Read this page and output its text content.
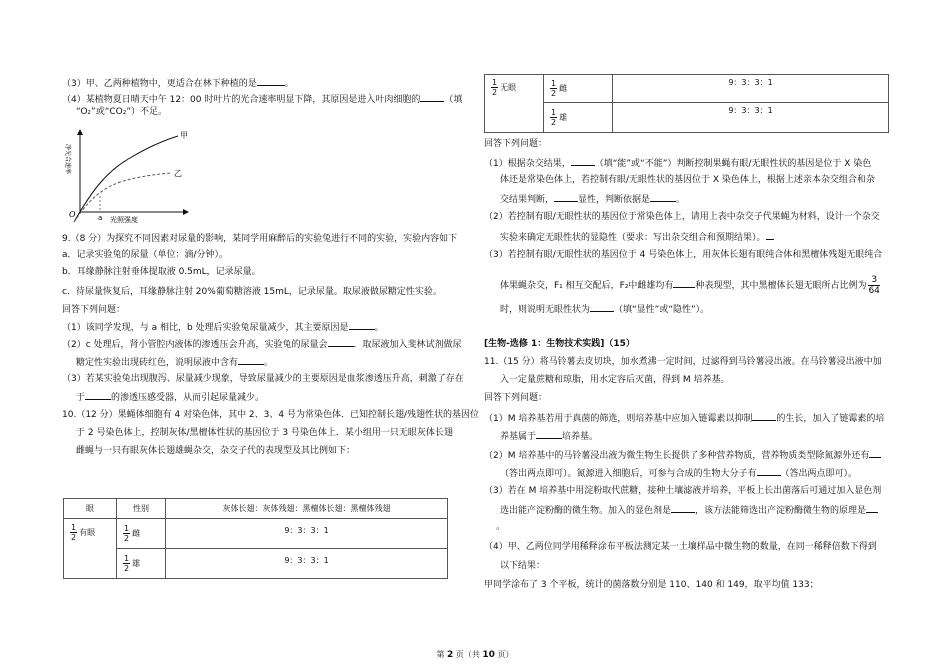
（3）甲、乙两种植物中，更适合在林下种植的是	。
（4）某植物夏日晴天中午 12：00 时叶片的光合速率明显下降，其原因是进入叶肉细胞的	（填
“O₂”或“CO₂”）不足。
甲
乙
O	a 光照强度
净光合速率
9.（8 分）为探究不同因素对尿量的影响，某同学用麻醉后的实验兔进行不同的实验，实验内容如下
a．记录实验兔的尿量（单位：滴/分钟）。
b．耳缘静脉注射垂体提取液 0.5mL，记录尿量。
c．待尿量恢复后，耳缘静脉注射 20%葡萄糖溶液 15mL，记录尿量。取尿液做尿糖定性实验。
回答下列问题：
（1）该同学发现，与 a 相比，b 处理后实验兔尿量减少，其主要原因是	。
（2）c 处理后，肾小管腔内液体的渗透压会升高，实验兔的尿量会	．取尿液加入斐林试剂做尿
糖定性实验出现砖红色，说明尿液中含有	。
（3）若某实验兔出现腹泻、尿量减少现象，导致尿量减少的主要原因是血浆渗透压升高，刺激了存在
于	的渗透压感受器，从而引起尿量减少。
10.（12 分）果蝇体细胞有 4 对染色体，其中 2、3、4 号为常染色体．已知控制长翅/残翅性状的基因位
于 2 号染色体上，控制灰体/黑檀体性状的基因位于 3 号染色体上．某小组用一只无眼灰体长翅
雌蝇与一只有眼灰体长翅雄蝇杂交，杂交子代的表现型及其比例如下：
眼	性别	灰体长翅：灰体残翅：黑檀体长翅：黑檀体残翅

$\frac{1}{2}$ 有眼	$\frac{1}{2}$ 雌	9：3：3：1

	$\frac{1}{2}$ 雄	9：3：3：1
$\frac{1}{2}$ 无眼	$\frac{1}{2}$ 雌	9：3：3：1

	$\frac{1}{2}$ 雄	9：3：3：1
回答下列问题：
（1）根据杂交结果，	（填“能”或“不能”）判断控制果蝇有眼/无眼性状的基因是位于 X 染色
体还是常染色体上，若控制有眼/无眼性状的基因位于 X 染色体上，根据上述亲本杂交组合和杂
交结果判断，	显性，判断依据是	。
（2）若控制有眼/无眼性状的基因位于常染色体上，请用上表中杂交子代果蝇为材料，设计一个杂交
实验来确定无眼性状的显隐性（要求：写出杂交组合和预期结果）。
（3）若控制有眼/无眼性状的基因位于 4 号染色体上，用灰体长翅有眼纯合体和黑檀体残翅无眼纯合
体果蝇杂交，F₁ 相互交配后，F₂中雌雄均有 种表现型，其中黑檀体长翅无眼所占比例为 $\frac{3}{64}$
时，则说明无眼性状为	（填“显性”或“隐性”）。
[生物-选修 1：生物技术实践]（15）
11.（15 分）将马铃薯去皮切块，加水煮沸一定时间，过滤得到马铃薯浸出液。在马铃薯浸出液中加
入一定量蔗糖和琼脂，用水定容后灭菌，得到 M 培养基。
回答下列问题：
（1）M 培养基若用于真菌的筛选，则培养基中应加入链霉素以抑制	的生长，加入了链霉素的培
养基属于	培养基。
（2）M 培养基中的马铃薯浸出液为微生物生长提供了多种营养物质，营养物质类型除氮源外还有
（答出两点即可）。氮源进入细胞后，可参与合成的生物大分子有	（答出两点即可）。
（3）若在 M 培养基中用淀粉取代蔗糖，接种土壤滤液并培养，平板上长出菌落后可通过加入显色剂
选出能产淀粉酶的微生物。加入的显色剂是	，该方法能筛选出产淀粉酶微生物的原理是
。
（4）甲、乙两位同学用稀释涂布平板法测定某一土壤样品中微生物的数量，在同一稀释倍数下得到
以下结果：
甲同学涂布了 3 个平板，统计的菌落数分别是 110、140 和 149，取平均值 133；
第 2 页（共 10 页）
